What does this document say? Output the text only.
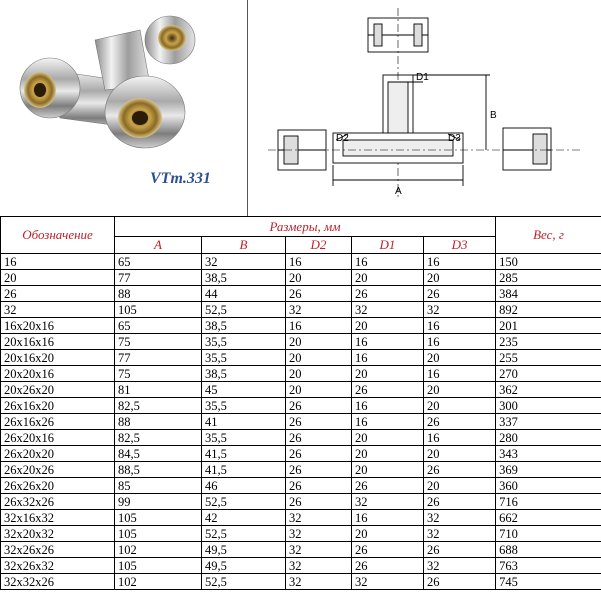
VTm.331
D1
D2	D3
A
B
Обозначение	Размеры, мм					Вес, г
	A	B	D2	D1	D3	
16	65	32	16	16	16	150
20	77	38,5	20	20	20	285
26	88	44	26	26	26	384
32	105	52,5	32	32	32	892
16x20x16	65	38,5	16	20	16	201
20x16x16	75	35,5	20	16	16	235
20x16x20	77	35,5	20	16	20	255
20x20x16	75	38,5	20	20	16	270
20x26x20	81	45	20	26	20	362
26x16x20	82,5	35,5	26	16	20	300
26x16x26	88	41	26	16	26	337
26x20x16	82,5	35,5	26	20	16	280
26x20x20	84,5	41,5	26	20	20	343
26x20x26	88,5	41,5	26	20	26	369
26x26x20	85	46	26	26	20	360
26x32x26	99	52,5	26	32	26	716
32x16x32	105	42	32	16	32	662
32x20x32	105	52,5	32	20	32	710
32x26x26	102	49,5	32	26	26	688
32x26x32	105	49,5	32	26	32	763
32x32x26	102	52,5	32	32	26	745
